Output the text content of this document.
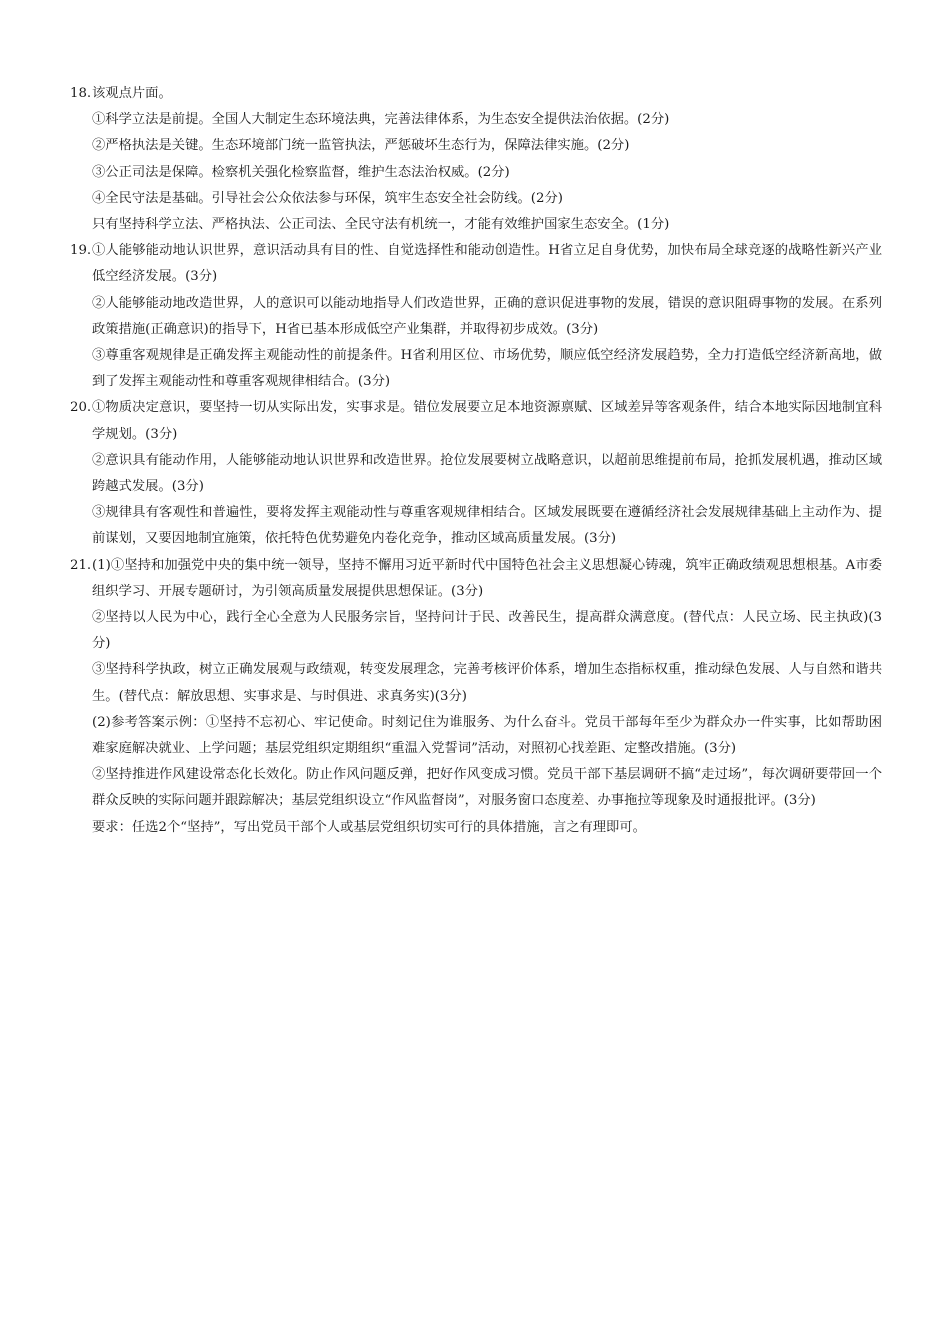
18. 该观点片面。

①科学立法是前提。全国人大制定生态环境法典，完善法律体系，为生态安全提供法治依据。(2分)

②严格执法是关键。生态环境部门统一监管执法，严惩破坏生态行为，保障法律实施。(2分)

③公正司法是保障。检察机关强化检察监督，维护生态法治权威。(2分)

④全民守法是基础。引导社会公众依法参与环保，筑牢生态安全社会防线。(2分)

只有坚持科学立法、严格执法、公正司法、全民守法有机统一，才能有效维护国家生态安全。(1分)

19. ①人能够能动地认识世界，意识活动具有目的性、自觉选择性和能动创造性。H省立足自身优势，加快布局全球竞逐的战略性新兴产业低空经济发展。(3分)

②人能够能动地改造世界，人的意识可以能动地指导人们改造世界，正确的意识促进事物的发展，错误的意识阻碍事物的发展。在系列政策措施(正确意识)的指导下，H省已基本形成低空产业集群，并取得初步成效。(3分)

③尊重客观规律是正确发挥主观能动性的前提条件。H省利用区位、市场优势，顺应低空经济发展趋势，全力打造低空经济新高地，做到了发挥主观能动性和尊重客观规律相结合。(3分)

20. ①物质决定意识，要坚持一切从实际出发，实事求是。错位发展要立足本地资源禀赋、区域差异等客观条件，结合本地实际因地制宜科学规划。(3分)

②意识具有能动作用，人能够能动地认识世界和改造世界。抢位发展要树立战略意识，以超前思维提前布局，抢抓发展机遇，推动区域跨越式发展。(3分)

③规律具有客观性和普遍性，要将发挥主观能动性与尊重客观规律相结合。区域发展既要在遵循经济社会发展规律基础上主动作为、提前谋划，又要因地制宜施策，依托特色优势避免内卷化竞争，推动区域高质量发展。(3分)

21. (1)①坚持和加强党中央的集中统一领导，坚持不懈用习近平新时代中国特色社会主义思想凝心铸魂，筑牢正确政绩观思想根基。A市委组织学习、开展专题研讨，为引领高质量发展提供思想保证。(3分)

②坚持以人民为中心，践行全心全意为人民服务宗旨，坚持问计于民、改善民生，提高群众满意度。(替代点：人民立场、民主执政)(3分)

③坚持科学执政，树立正确发展观与政绩观，转变发展理念，完善考核评价体系，增加生态指标权重，推动绿色发展、人与自然和谐共生。(替代点：解放思想、实事求是、与时俱进、求真务实)(3分)

(2)参考答案示例：①坚持不忘初心、牢记使命。时刻记住为谁服务、为什么奋斗。党员干部每年至少为群众办一件实事，比如帮助困难家庭解决就业、上学问题；基层党组织定期组织“重温入党誓词”活动，对照初心找差距、定整改措施。(3分)

②坚持推进作风建设常态化长效化。防止作风问题反弹，把好作风变成习惯。党员干部下基层调研不搞“走过场”，每次调研要带回一个群众反映的实际问题并跟踪解决；基层党组织设立“作风监督岗”，对服务窗口态度差、办事拖拉等现象及时通报批评。(3分)

要求：任选2个“坚持”，写出党员干部个人或基层党组织切实可行的具体措施，言之有理即可。
